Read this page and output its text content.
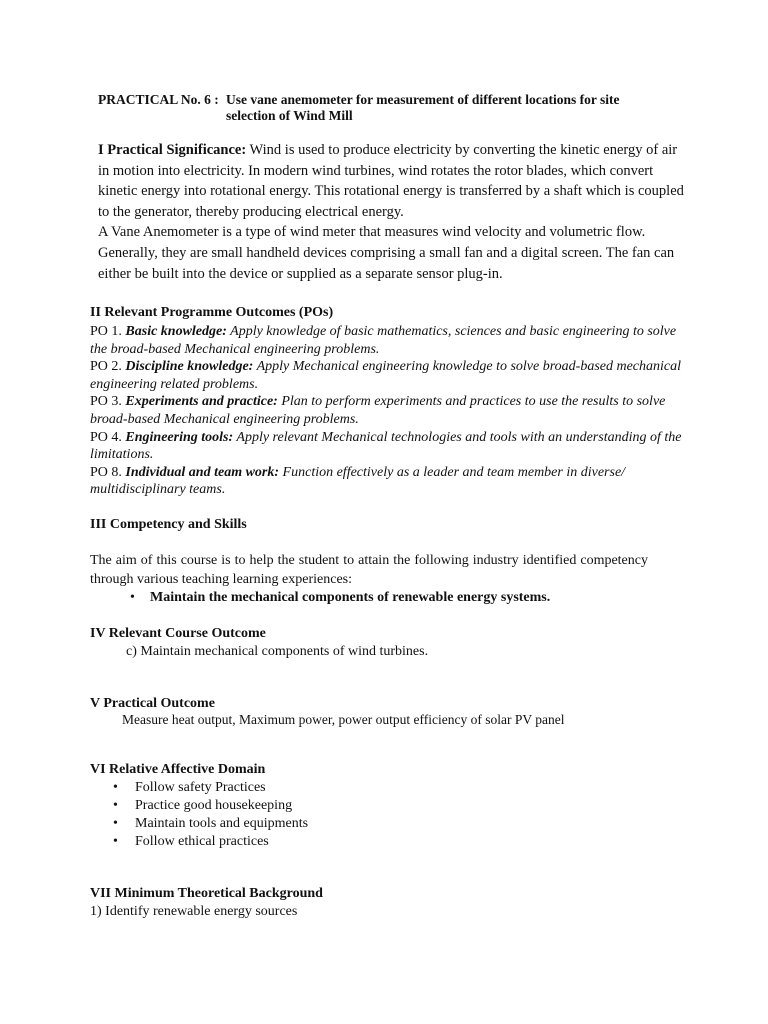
PRACTICAL No. 6 : Use vane anemometer for measurement of different locations for site
selection of Wind Mill
I Practical Significance: Wind is used to produce electricity by converting the kinetic energy of air in motion into electricity. In modern wind turbines, wind rotates the rotor blades, which convert kinetic energy into rotational energy. This rotational energy is transferred by a shaft which is coupled to the generator, thereby producing electrical energy.
A Vane Anemometer is a type of wind meter that measures wind velocity and volumetric flow. Generally, they are small handheld devices comprising a small fan and a digital screen. The fan can either be built into the device or supplied as a separate sensor plug-in.
II Relevant Programme Outcomes (POs)
PO 1. Basic knowledge: Apply knowledge of basic mathematics, sciences and basic engineering to solve the broad-based Mechanical engineering problems.
PO 2. Discipline knowledge: Apply Mechanical engineering knowledge to solve broad-based mechanical engineering related problems.
PO 3. Experiments and practice: Plan to perform experiments and practices to use the results to solve broad-based Mechanical engineering problems.
PO 4. Engineering tools: Apply relevant Mechanical technologies and tools with an understanding of the limitations.
PO 8. Individual and team work: Function effectively as a leader and team member in diverse/ multidisciplinary teams.
III Competency and Skills
The aim of this course is to help the student to attain the following industry identified competency through various teaching learning experiences:
• Maintain the mechanical components of renewable energy systems.
IV Relevant Course Outcome
c) Maintain mechanical components of wind turbines.
V Practical Outcome
Measure heat output, Maximum power, power output efficiency of solar PV panel
VI Relative Affective Domain
•	Follow safety Practices
•	Practice good housekeeping
•	Maintain tools and equipments
•	Follow ethical practices
VII Minimum Theoretical Background
1) Identify renewable energy sources
